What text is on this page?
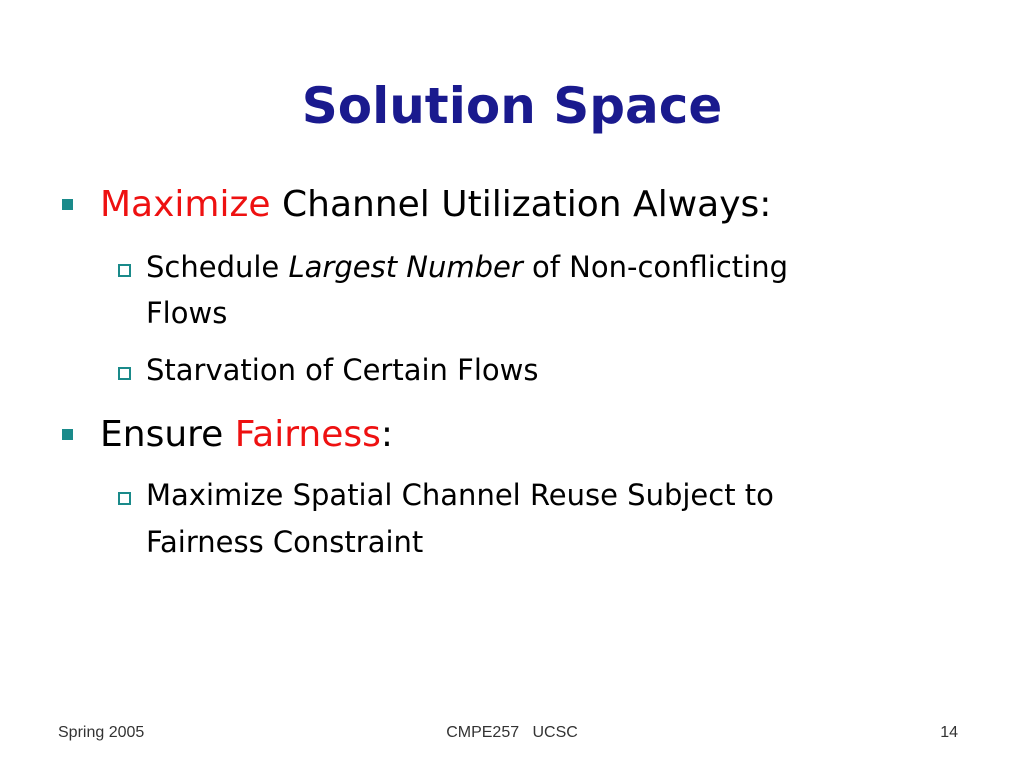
Solution Space
Maximize Channel Utilization Always:
Schedule Largest Number of Non-conflicting
Flows
Starvation of Certain Flows
Ensure Fairness:
Maximize Spatial Channel Reuse Subject to
Fairness Constraint
Spring 2005	CMPE257   UCSC	14
